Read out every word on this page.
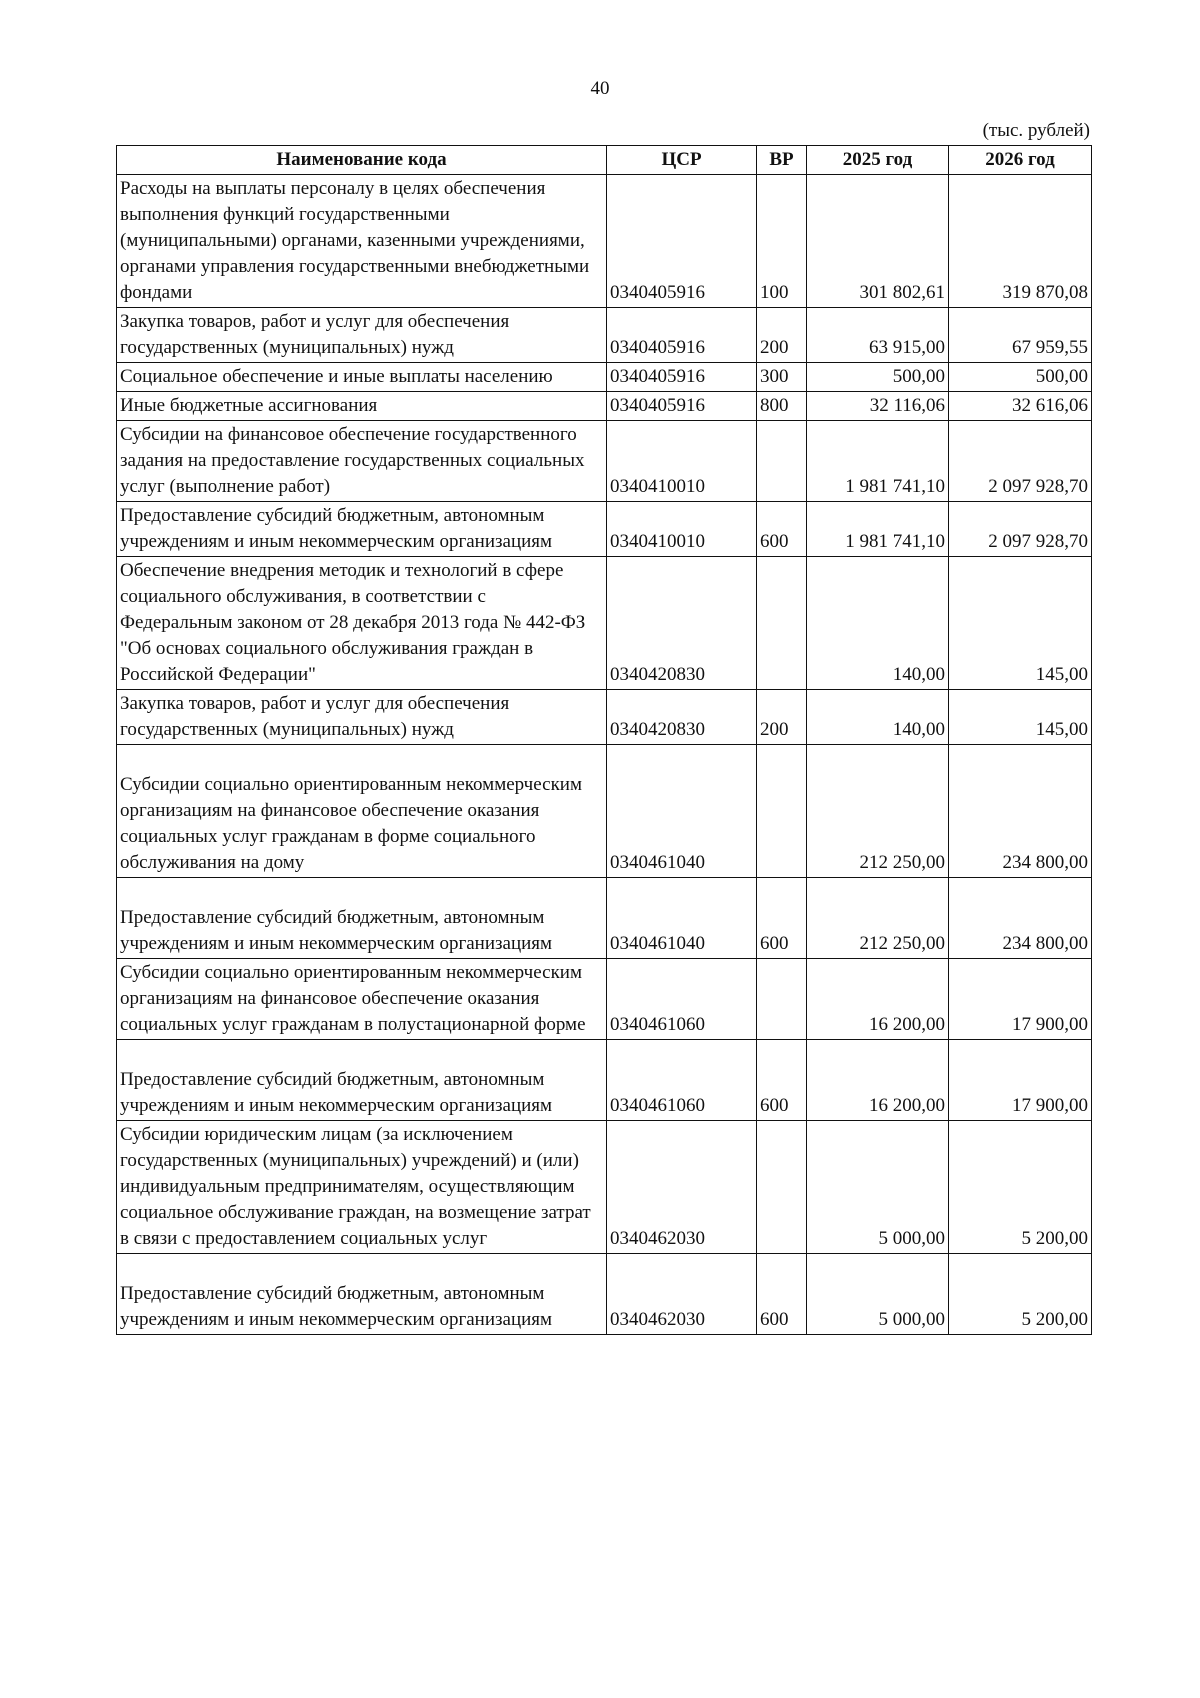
40
(тыс. рублей)
Наименование кода	ЦСР	ВР	2025 год	2026 год
Расходы на выплаты персоналу в целях обеспечения выполнения функций государственными (муниципальными) органами, казенными учреждениями, органами управления государственными внебюджетными фондами	0340405916	100	301 802,61	319 870,08
Закупка товаров, работ и услуг для обеспечения государственных (муниципальных) нужд	0340405916	200	63 915,00	67 959,55
Социальное обеспечение и иные выплаты населению	0340405916	300	500,00	500,00
Иные бюджетные ассигнования	0340405916	800	32 116,06	32 616,06
Субсидии на финансовое обеспечение государственного задания на предоставление государственных социальных услуг (выполнение работ)	0340410010		1 981 741,10	2 097 928,70
Предоставление субсидий бюджетным, автономным учреждениям и иным некоммерческим организациям	0340410010	600	1 981 741,10	2 097 928,70
Обеспечение внедрения методик и технологий в сфере социального обслуживания, в соответствии с Федеральным законом от 28 декабря 2013 года № 442-ФЗ "Об основах социального обслуживания граждан в Российской Федерации"	0340420830		140,00	145,00
Закупка товаров, работ и услуг для обеспечения государственных (муниципальных) нужд	0340420830	200	140,00	145,00

Субсидии социально ориентированным некоммерческим организациям на финансовое обеспечение оказания социальных услуг гражданам в форме социального обслуживания на дому	0340461040		212 250,00	234 800,00

Предоставление субсидий бюджетным, автономным учреждениям и иным некоммерческим организациям	0340461040	600	212 250,00	234 800,00
Субсидии социально ориентированным некоммерческим организациям на финансовое обеспечение оказания социальных услуг гражданам в полустационарной форме	0340461060		16 200,00	17 900,00

Предоставление субсидий бюджетным, автономным учреждениям и иным некоммерческим организациям	0340461060	600	16 200,00	17 900,00
Субсидии юридическим лицам (за исключением государственных (муниципальных) учреждений) и (или) индивидуальным предпринимателям, осуществляющим социальное обслуживание граждан, на возмещение затрат в связи с предоставлением социальных услуг	0340462030		5 000,00	5 200,00

Предоставление субсидий бюджетным, автономным учреждениям и иным некоммерческим организациям	0340462030	600	5 000,00	5 200,00
